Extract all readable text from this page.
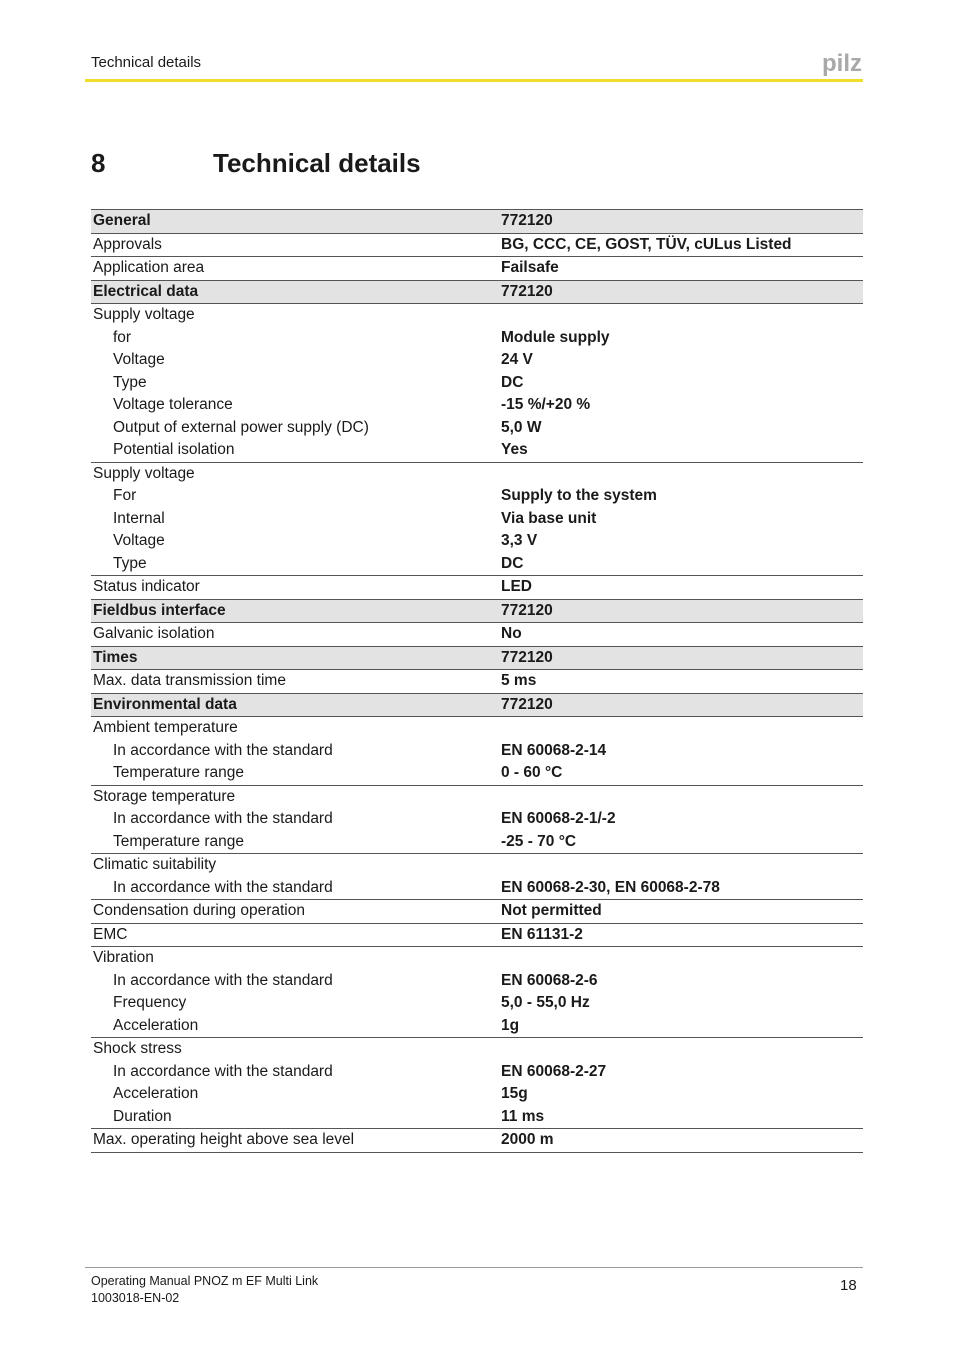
Technical details	pilz
8	Technical details
General	772120
Approvals	BG, CCC, CE, GOST, TÜV, cULus Listed
Application area	Failsafe
Electrical data	772120
Supply voltage	
for	Module supply
Voltage	24 V
Type	DC
Voltage tolerance	-15 %/+20 %
Output of external power supply (DC)	5,0 W
Potential isolation	Yes
Supply voltage	
For	Supply to the system
Internal	Via base unit
Voltage	3,3 V
Type	DC
Status indicator	LED
Fieldbus interface	772120
Galvanic isolation	No
Times	772120
Max. data transmission time	5 ms
Environmental data	772120
Ambient temperature	
In accordance with the standard	EN 60068-2-14
Temperature range	0 - 60 °C
Storage temperature	
In accordance with the standard	EN 60068-2-1/-2
Temperature range	-25 - 70 °C
Climatic suitability	
In accordance with the standard	EN 60068-2-30, EN 60068-2-78
Condensation during operation	Not permitted
EMC	EN 61131-2
Vibration	
In accordance with the standard	EN 60068-2-6
Frequency	5,0 - 55,0 Hz
Acceleration	1g
Shock stress	
In accordance with the standard	EN 60068-2-27
Acceleration	15g
Duration	11 ms
Max. operating height above sea level	2000 m
Operating Manual PNOZ m EF Multi Link
1003018-EN-02
18
